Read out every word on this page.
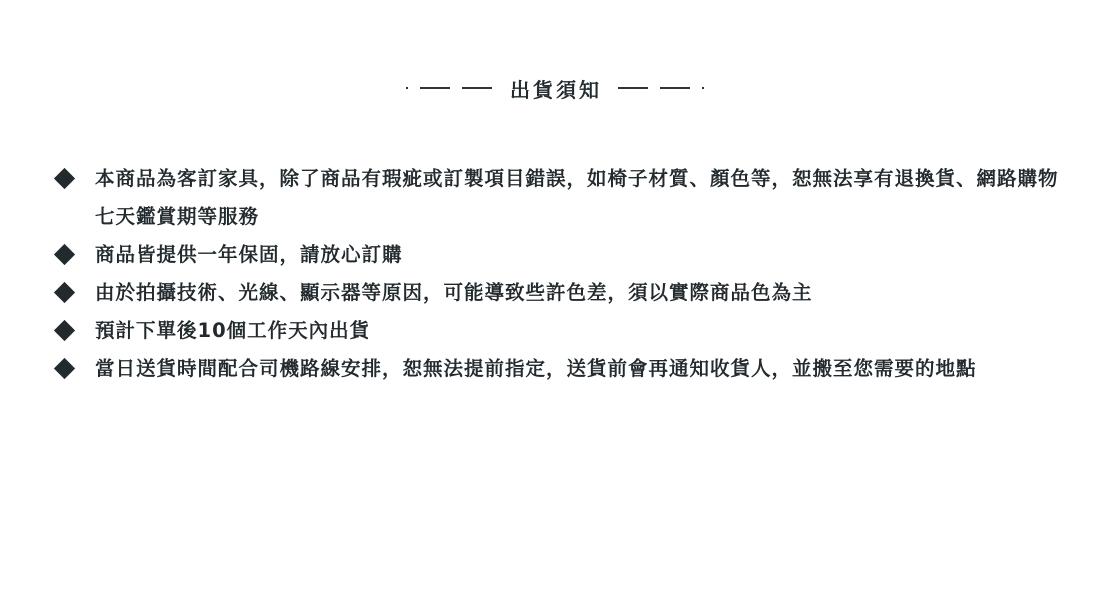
出貨須知
本商品為客訂家具，除了商品有瑕疵或訂製項目錯誤，如椅子材質、顏色等，恕無法享有退換貨、網路購物七天鑑賞期等服務
商品皆提供一年保固，請放心訂購
由於拍攝技術、光線、顯示器等原因，可能導致些許色差，須以實際商品色為主
預計下單後10個工作天內出貨
當日送貨時間配合司機路線安排，恕無法提前指定，送貨前會再通知收貨人，並搬至您需要的地點
